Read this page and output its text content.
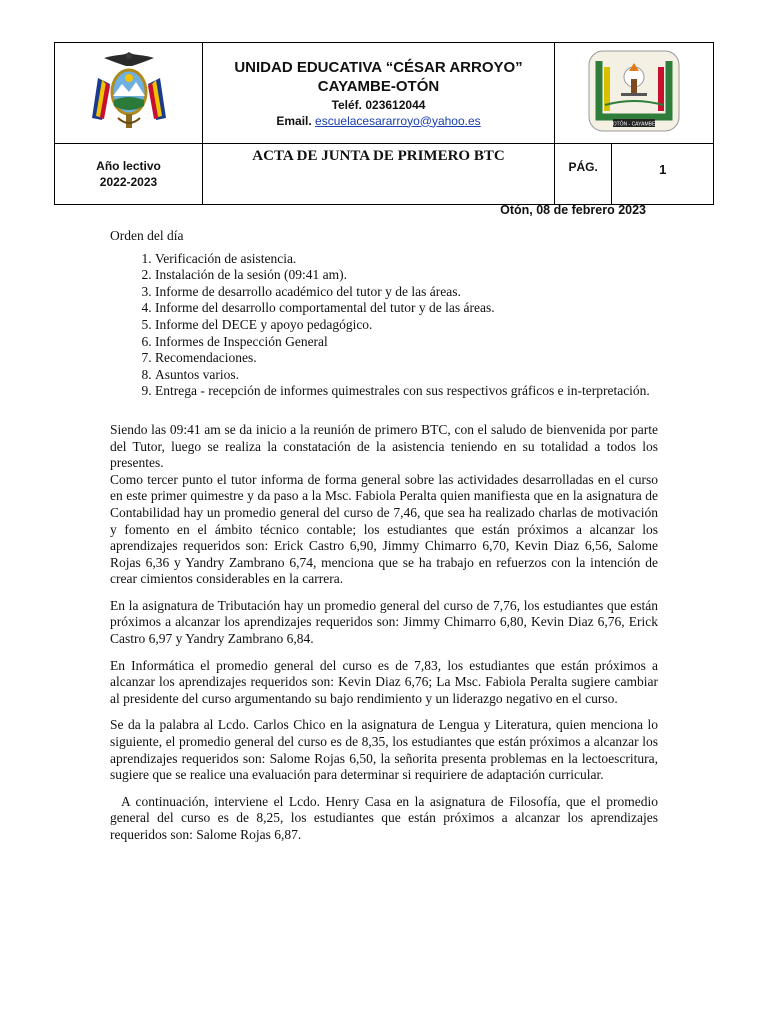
UNIDAD EDUCATIVA “CÉSAR ARROYO”
CAYAMBE-OTÓN
Teléf. 023612044
Email. escuelacesararroyo@yahoo.es	OTÓN - CAYAMBE	

Año lectivo
2022-2023	ACTA DE JUNTA DE PRIMERO BTC	PÁG.	1
Otón, 08 de febrero 2023
Orden del día
1. Verificación de asistencia.
2. Instalación de la sesión (09:41 am).
3. Informe de desarrollo académico del tutor y de las áreas.
4. Informe del desarrollo comportamental del tutor y de las áreas.
5. Informe del DECE y apoyo pedagógico.
6. Informes de Inspección General
7. Recomendaciones.
8. Asuntos varios.
9. Entrega - recepción de informes quimestrales con sus respectivos gráficos e in-terpretación.

Siendo las 09:41 am se da inicio a la reunión de primero BTC, con el saludo de bienvenida por parte del Tutor, luego se realiza la constatación de la asistencia teniendo en su totalidad a todos los presentes.

Como tercer punto el tutor informa de forma general sobre las actividades desarrolladas en el curso en este primer quimestre y da paso a la Msc. Fabiola Peralta quien manifiesta que en la asignatura de Contabilidad hay un promedio general del curso de 7,46, que sea ha realizado charlas de motivación y fomento en el ámbito técnico contable; los estudiantes que están próximos a alcanzar los aprendizajes requeridos son: Erick Castro 6,90, Jimmy Chimarro 6,70, Kevin Diaz 6,56, Salome Rojas 6,36 y Yandry Zambrano 6,74, menciona que se ha trabajo en refuerzos con la intención de crear cimientos considerables en la carrera.

En la asignatura de Tributación hay un promedio general del curso de 7,76, los estudiantes que están próximos a alcanzar los aprendizajes requeridos son: Jimmy Chimarro 6,80, Kevin Diaz 6,76, Erick Castro 6,97 y Yandry Zambrano 6,84.

En Informática el promedio general del curso es de 7,83, los estudiantes que están próximos a alcanzar los aprendizajes requeridos son: Kevin Diaz 6,76; La Msc. Fabiola Peralta sugiere cambiar al presidente del curso argumentando su bajo rendimiento y un liderazgo negativo en el curso.

Se da la palabra al Lcdo. Carlos Chico en la asignatura de Lengua y Literatura, quien menciona lo siguiente, el promedio general del curso es de 8,35, los estudiantes que están próximos a alcanzar los aprendizajes requeridos son: Salome Rojas 6,50, la señorita presenta problemas en la lectoescritura, sugiere que se realice una evaluación para determinar si requiriere de adaptación curricular.

A continuación, interviene el Lcdo. Henry Casa en la asignatura de Filosofía, que el promedio general del curso es de 8,25, los estudiantes que están próximos a alcanzar los aprendizajes requeridos son: Salome Rojas 6,87.
